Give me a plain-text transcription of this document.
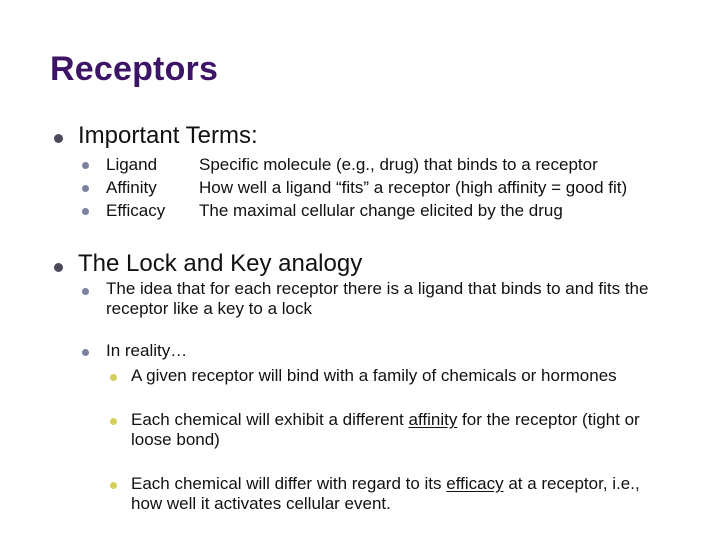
Receptors
Important Terms:
Ligand Specific molecule (e.g., drug) that binds to a receptor
Affinity How well a ligand “fits” a receptor (high affinity = good fit)
Efficacy The maximal cellular change elicited by the drug
The Lock and Key analogy
The idea that for each receptor there is a ligand that binds to and fits the
receptor like a key to a lock
In reality…
A given receptor will bind with a family of chemicals or hormones
Each chemical will exhibit a different affinity for the receptor (tight or
loose bond)
Each chemical will differ with regard to its efficacy at a receptor, i.e.,
how well it activates cellular event.
